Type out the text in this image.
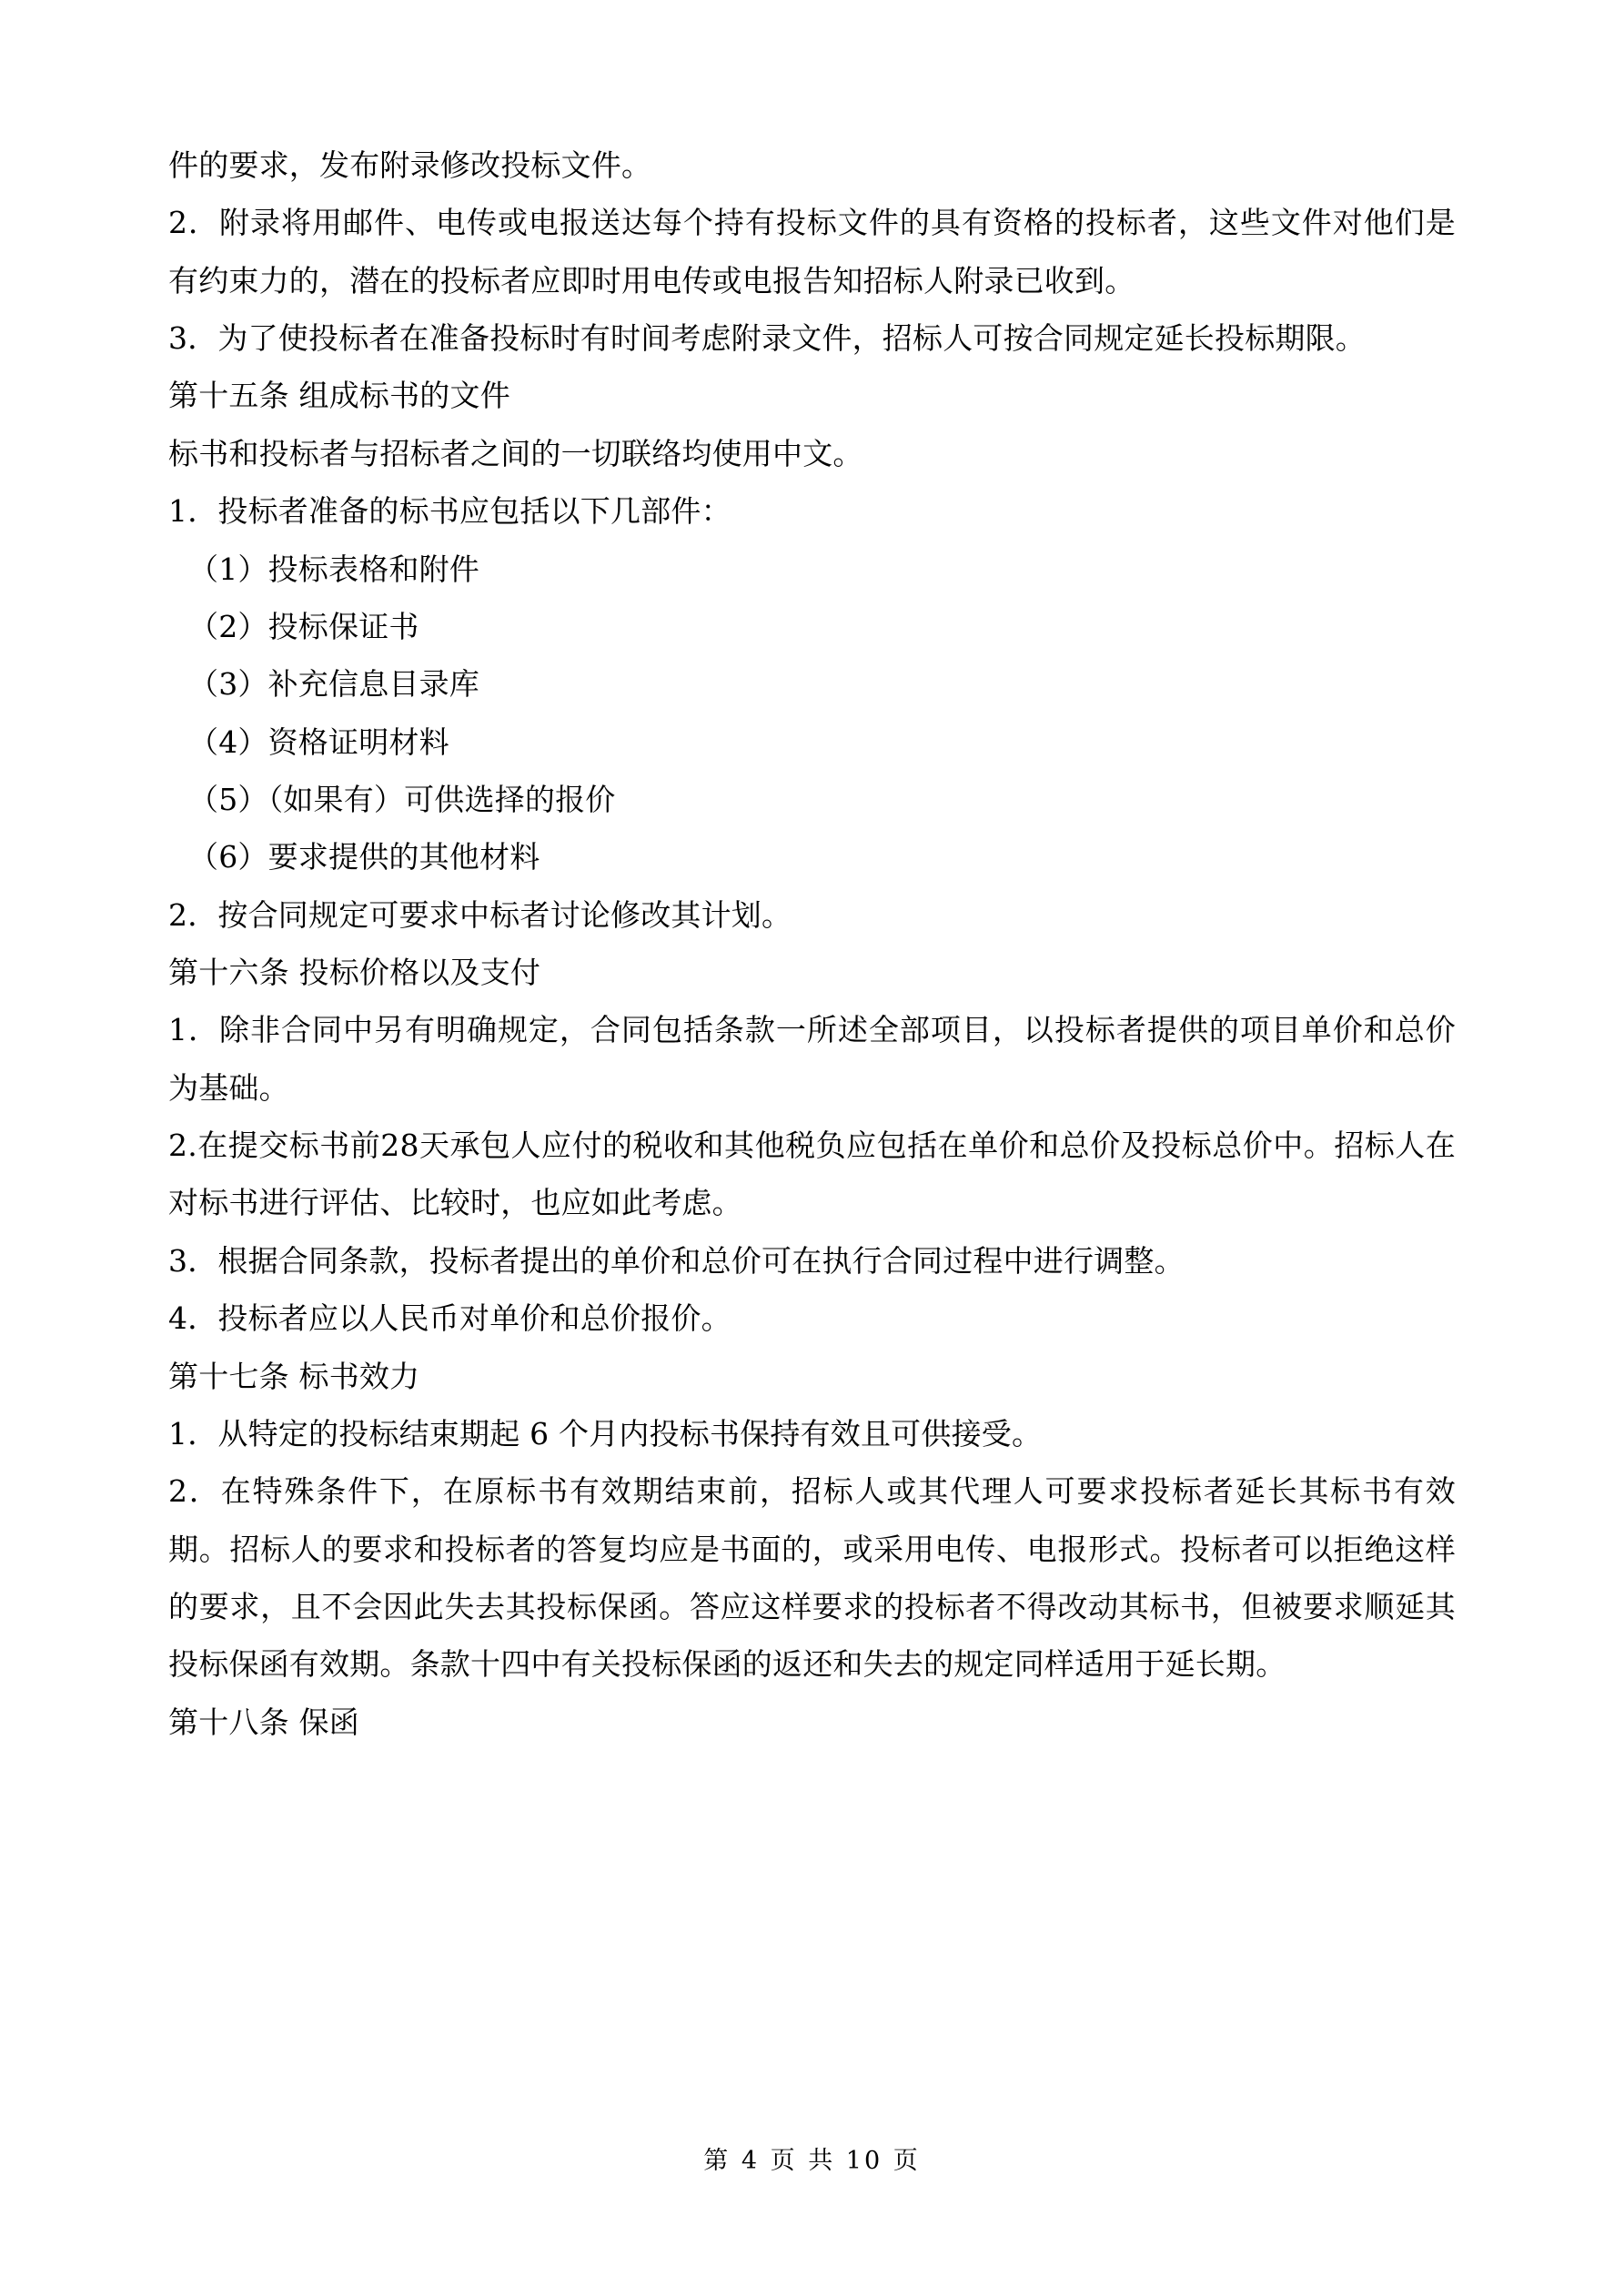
件的要求，发布附录修改投标文件。

2．附录将用邮件、电传或电报送达每个持有投标文件的具有资格的投标者，这些文件对他们是有约束力的，潜在的投标者应即时用电传或电报告知招标人附录已收到。

3．为了使投标者在准备投标时有时间考虑附录文件，招标人可按合同规定延长投标期限。

第十五条 组成标书的文件

标书和投标者与招标者之间的一切联络均使用中文。

1．投标者准备的标书应包括以下几部件：

（1）投标表格和附件

（2）投标保证书

（3）补充信息目录库

（4）资格证明材料

（5）（如果有）可供选择的报价

（6）要求提供的其他材料

2．按合同规定可要求中标者讨论修改其计划。

第十六条 投标价格以及支付

1．除非合同中另有明确规定，合同包括条款一所述全部项目，以投标者提供的项目单价和总价为基础。

2.在提交标书前28天承包人应付的税收和其他税负应包括在单价和总价及投标总价中。招标人在对标书进行评估、比较时，也应如此考虑。

3．根据合同条款，投标者提出的单价和总价可在执行合同过程中进行调整。

4．投标者应以人民币对单价和总价报价。

第十七条 标书效力

1．从特定的投标结束期起 6 个月内投标书保持有效且可供接受。

2．在特殊条件下，在原标书有效期结束前，招标人或其代理人可要求投标者延长其标书有效期。招标人的要求和投标者的答复均应是书面的，或采用电传、电报形式。投标者可以拒绝这样的要求，且不会因此失去其投标保函。答应这样要求的投标者不得改动其标书，但被要求顺延其投标保函有效期。条款十四中有关投标保函的返还和失去的规定同样适用于延长期。

第十八条 保函

第 4 页 共 10 页
